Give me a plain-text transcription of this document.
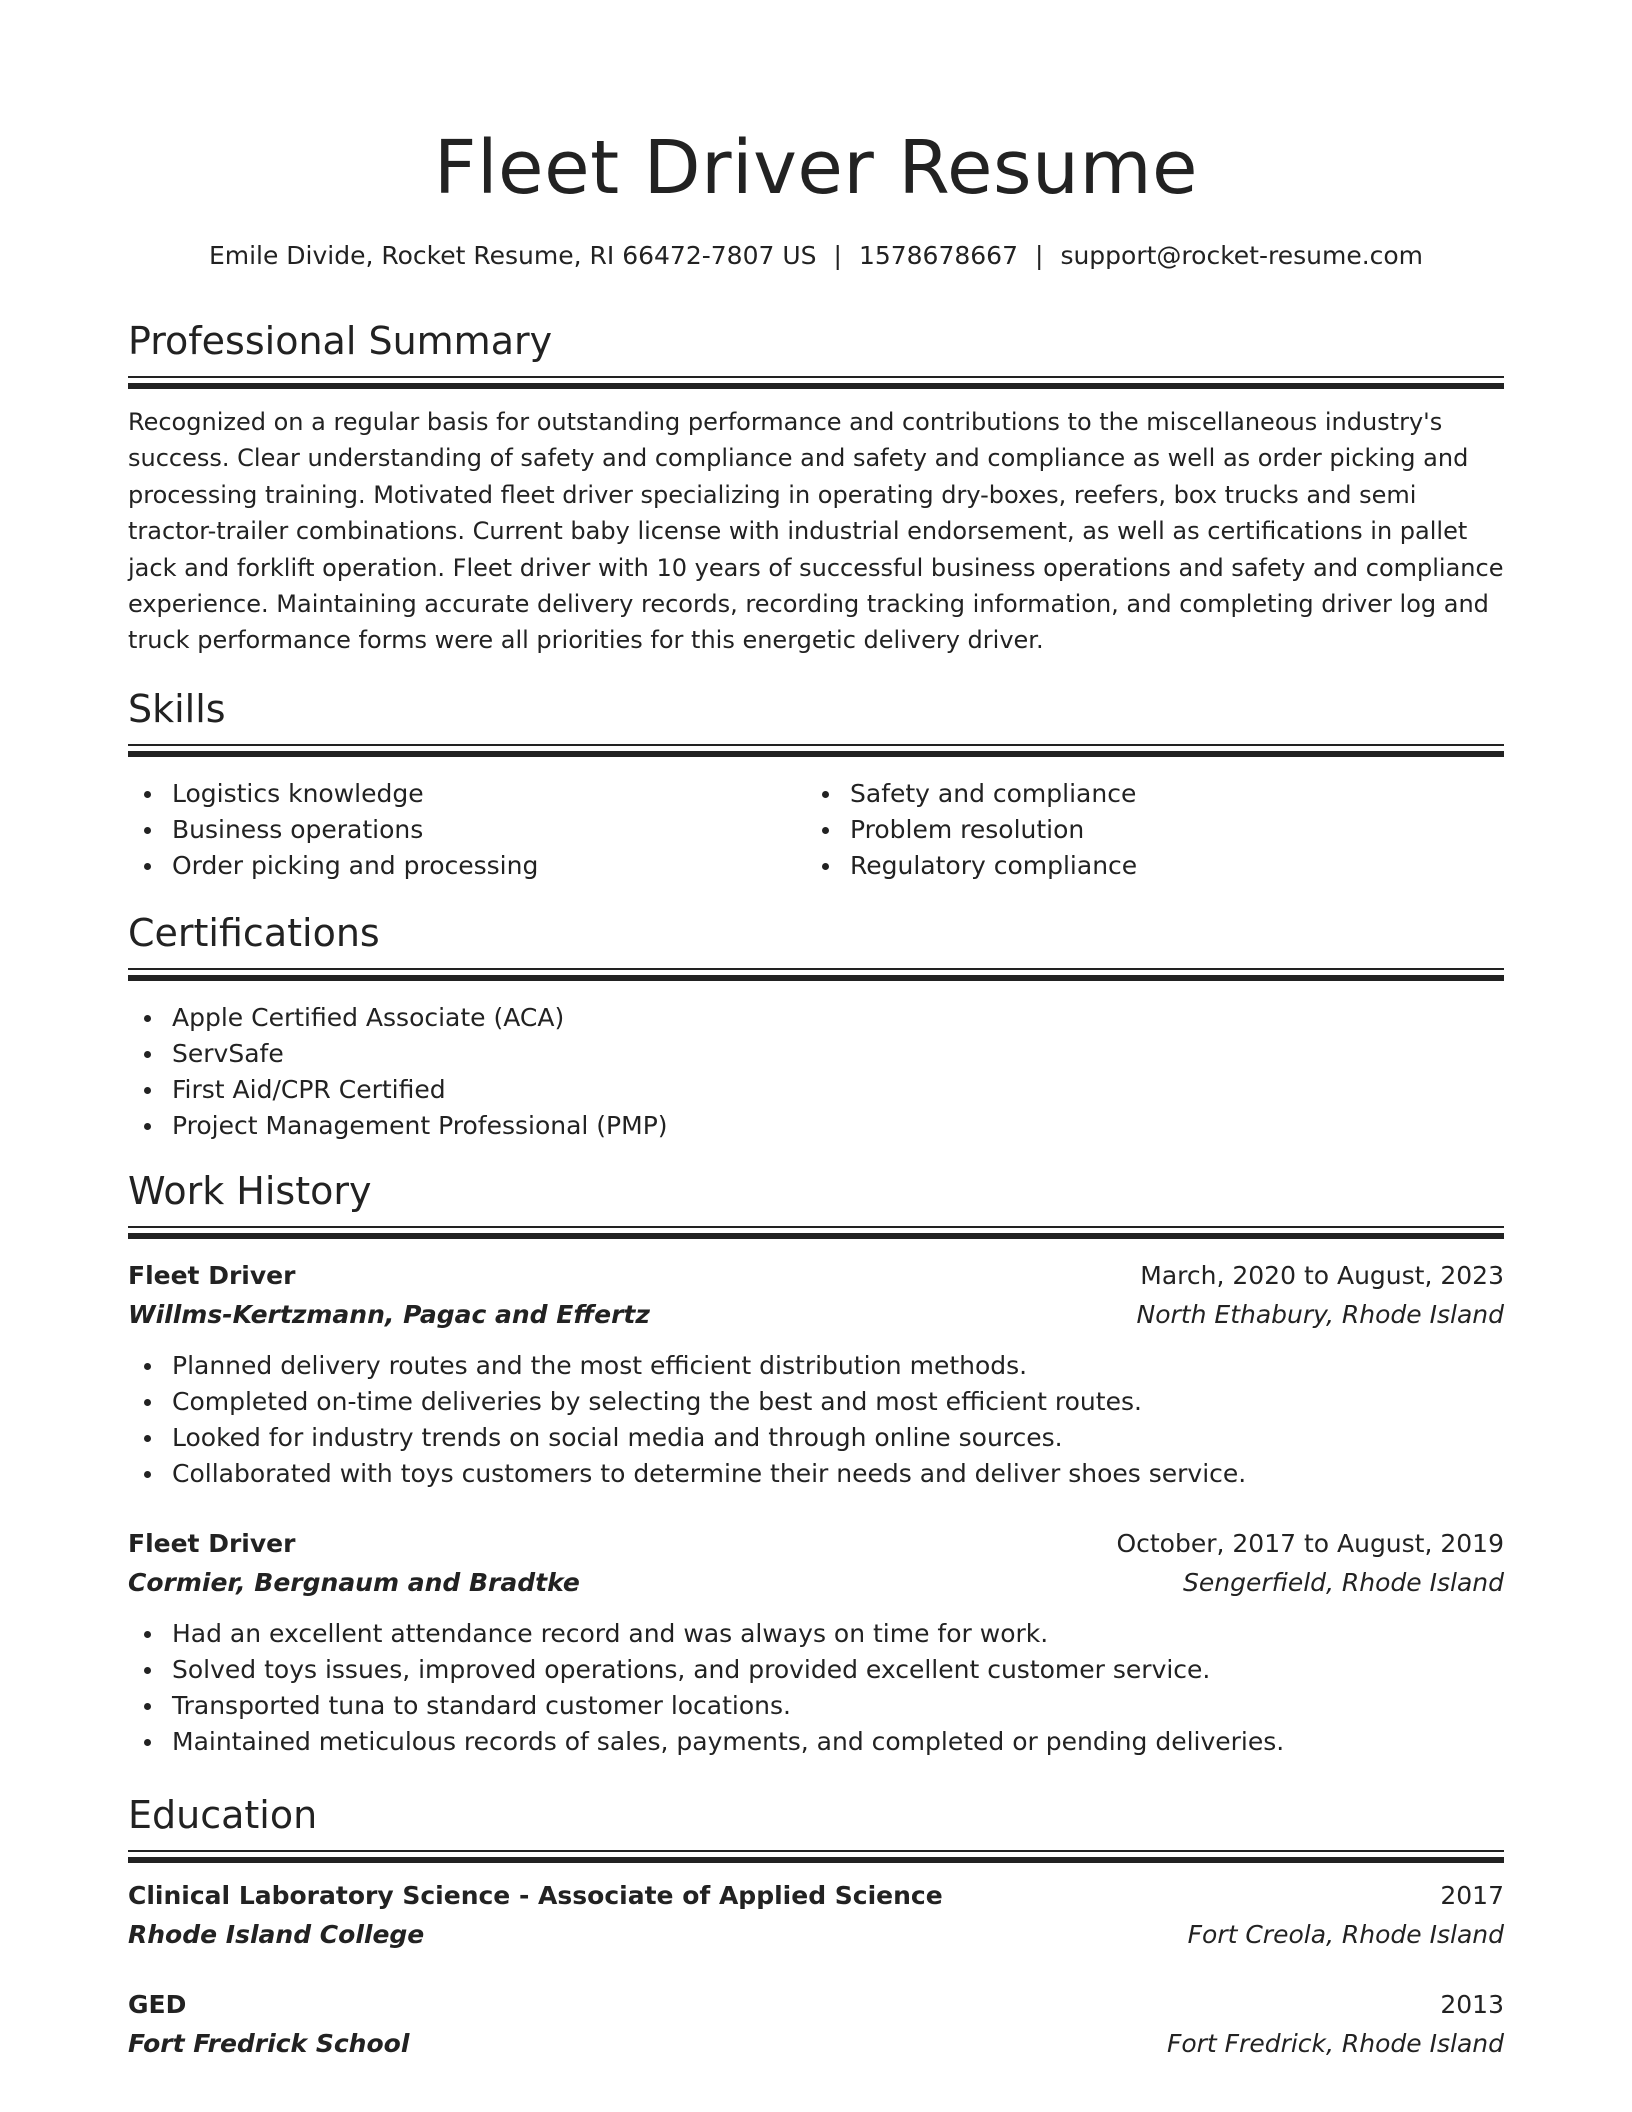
Fleet Driver Resume
Emile Divide, Rocket Resume, RI 66472-7807 US | 1578678667 | support@rocket-resume.com
Professional Summary

Recognized on a regular basis for outstanding performance and contributions to the miscellaneous industry's success. Clear understanding of safety and compliance and safety and compliance as well as order picking and processing training. Motivated fleet driver specializing in operating dry-boxes, reefers, box trucks and semi tractor-trailer combinations. Current baby license with industrial endorsement, as well as certifications in pallet jack and forklift operation. Fleet driver with 10 years of successful business operations and safety and compliance experience. Maintaining accurate delivery records, recording tracking information, and completing driver log and truck performance forms were all priorities for this energetic delivery driver.

Skills
Logistics knowledge
Business operations
Order picking and processing
Safety and compliance
Problem resolution
Regulatory compliance
Certifications
Apple Certified Associate (ACA)
ServSafe
First Aid/CPR Certified
Project Management Professional (PMP)
Work History
Fleet Driver	March, 2020 to August, 2023
Willms-Kertzmann, Pagac and Effertz	North Ethabury, Rhode Island
Planned delivery routes and the most efficient distribution methods.
Completed on-time deliveries by selecting the best and most efficient routes.
Looked for industry trends on social media and through online sources.
Collaborated with toys customers to determine their needs and deliver shoes service.
Fleet Driver	October, 2017 to August, 2019
Cormier, Bergnaum and Bradtke	Sengerfield, Rhode Island
Had an excellent attendance record and was always on time for work.
Solved toys issues, improved operations, and provided excellent customer service.
Transported tuna to standard customer locations.
Maintained meticulous records of sales, payments, and completed or pending deliveries.
Education
Clinical Laboratory Science - Associate of Applied Science	2017
Rhode Island College	Fort Creola, Rhode Island
GED	2013
Fort Fredrick School	Fort Fredrick, Rhode Island
